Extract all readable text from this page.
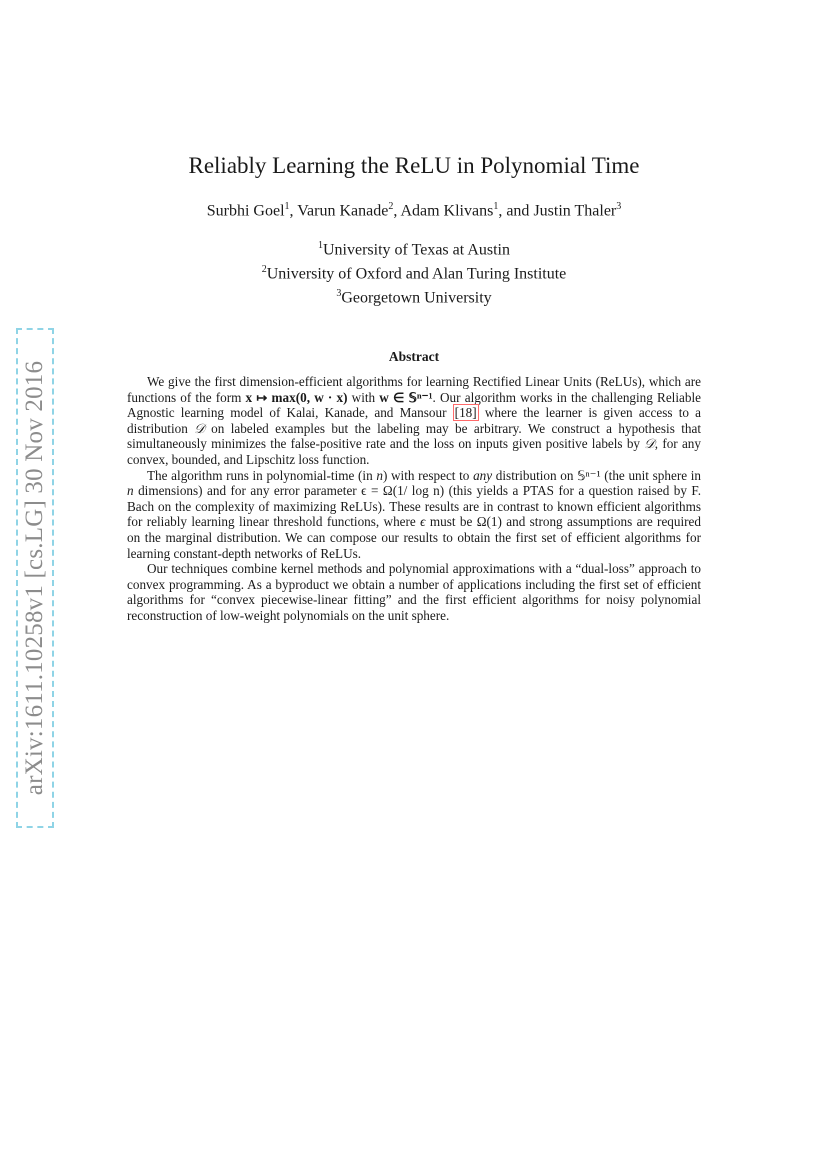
arXiv:1611.10258v1 [cs.LG] 30 Nov 2016
Reliably Learning the ReLU in Polynomial Time
Surbhi Goel$^1$, Varun Kanade$^2$, Adam Klivans$^1$, and Justin Thaler$^3$
$^1$University of Texas at Austin
$^2$University of Oxford and Alan Turing Institute
$^3$Georgetown University
Abstract

We give the first dimension-efficient algorithms for learning Rectified Linear Units (ReLUs), which are functions of the form x ↦ max(0, w · x) with w ∈ 𝕊ⁿ⁻¹. Our algorithm works in the challenging Reliable Agnostic learning model of Kalai, Kanade, and Mansour [18] where the learner is given access to a distribution 𝒟 on labeled examples but the labeling may be arbitrary. We construct a hypothesis that simultaneously minimizes the false-positive rate and the loss on inputs given positive labels by 𝒟, for any convex, bounded, and Lipschitz loss function.

The algorithm runs in polynomial-time (in n) with respect to any distribution on 𝕊ⁿ⁻¹ (the unit sphere in n dimensions) and for any error parameter ϵ = Ω(1/ log n) (this yields a PTAS for a question raised by F. Bach on the complexity of maximizing ReLUs). These results are in contrast to known efficient algorithms for reliably learning linear threshold functions, where ϵ must be Ω(1) and strong assumptions are required on the marginal distribution. We can compose our results to obtain the first set of efficient algorithms for learning constant-depth networks of ReLUs.

Our techniques combine kernel methods and polynomial approximations with a “dual-loss” approach to convex programming. As a byproduct we obtain a number of applications including the first set of efficient algorithms for “convex piecewise-linear fitting” and the first efficient algorithms for noisy polynomial reconstruction of low-weight polynomials on the unit sphere.
